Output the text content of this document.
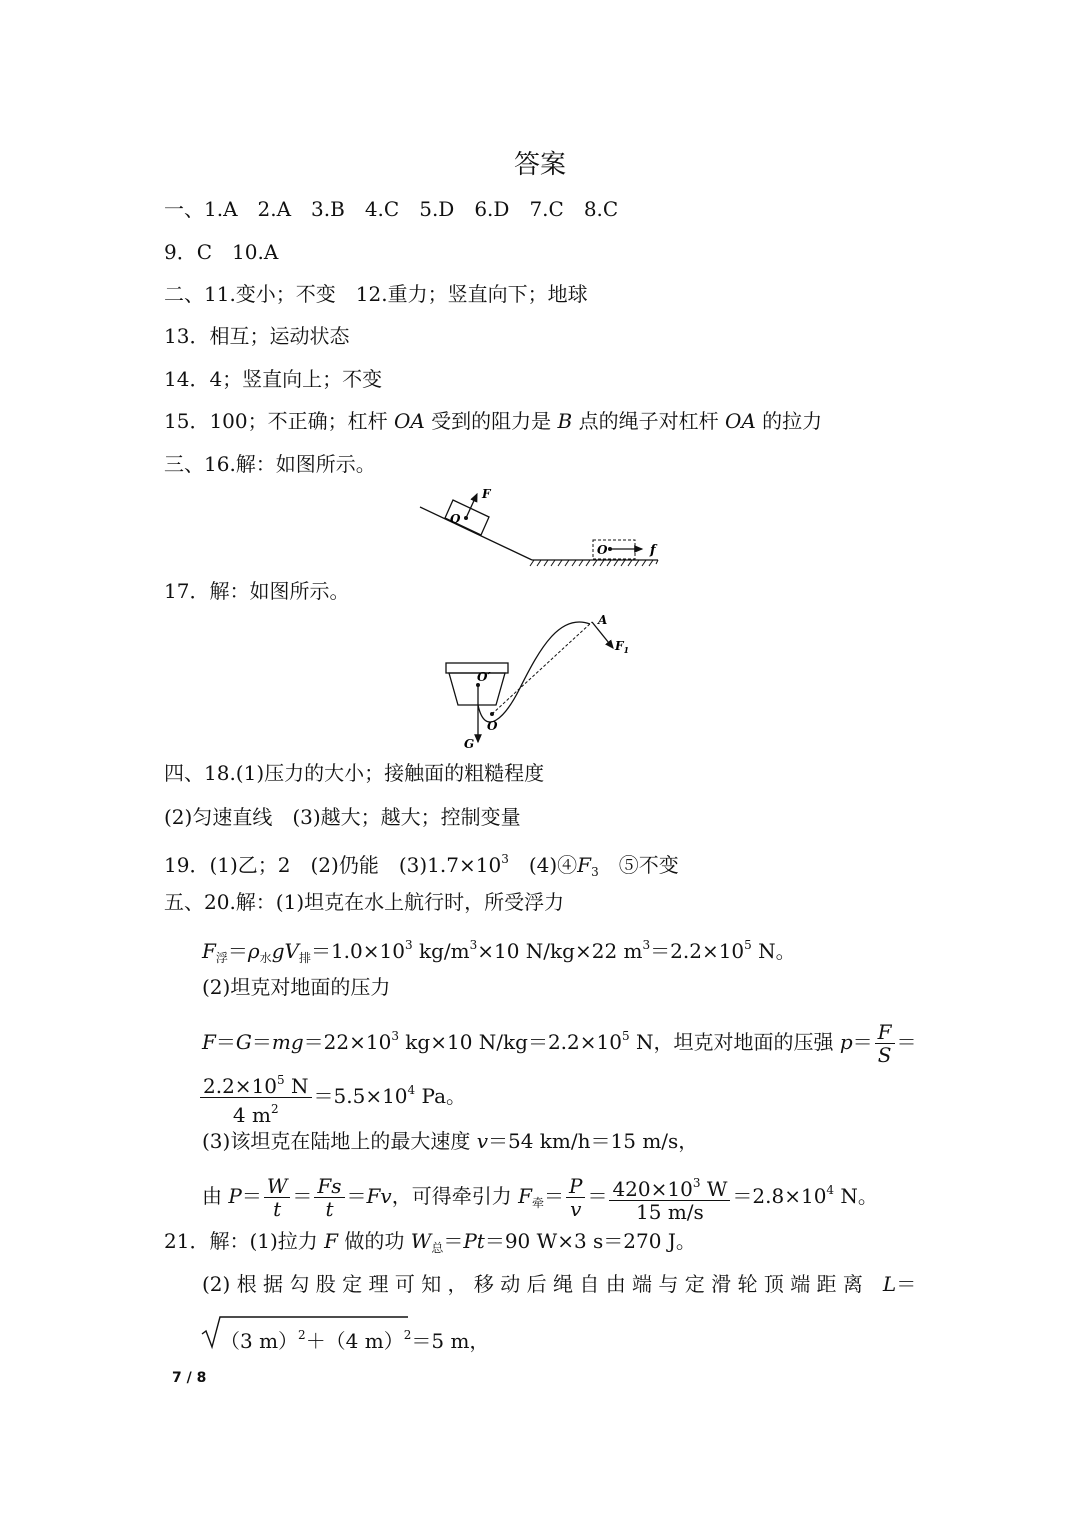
答案
一、1.A　2.A　3.B　4.C　5.D　6.D　7.C　8.C
9．C　10.A
二、11.变小；不变　12.重力；竖直向下；地球
13．相互；运动状态
14．4；竖直向上；不变
15．100；不正确；杠杆 OA 受到的阻力是 B 点的绳子对杠杆 OA 的拉力
三、16.解：如图所示。
F
O
O	f
17．解：如图所示。
O′
O
G
A
$F_1$
四、18.(1)压力的大小；接触面的粗糙程度
(2)匀速直线　(3)越大；越大；控制变量
19．(1)乙；2　(2)仍能　$(3)1.7\times 10^3$　$(4)④F_3$　⑤不变
五、20.解：(1)坦克在水上航行时，所受浮力
$F_浮=\rho_水gV_排=1.0\times 10^3$ $kg/m^3\times 10$ N/kg×22 $m^3=2.2\times 10^5$ N。
(2)坦克对地面的压力
$F=G=mg=22\times 10^3$ kg×10 $N/kg=2.2\times 10^5$ N，坦克对地面的压强 $p= \frac{F}{S}$ ＝
$\frac{2.2\times 10^5 N}{4 m^2} =5.5\times 10^4$ Pa。
(3)该坦克在陆地上的最大速度 v＝54 km/h＝15 m/s，
由 $P= \frac{W}{t} = \frac{Fs}{t} =Fv$，可得牵引力 $F_牵= \frac{P}{v} = \frac{420\times 10^3 W}{15 m/s} =2.8\times 10^4$ N。
21．解：(1)拉力 F 做的功 $W_总=Pt=90$ W×3 s＝270 J。
(2) 根 据 勾 股 定 理 可 知 ， 移 动 后 绳 自 由 端 与 定 滑 轮 顶 端 距 离　L＝
（3 m）$^2$＋（4 m）$^2$＝5 m，
7 / 8
